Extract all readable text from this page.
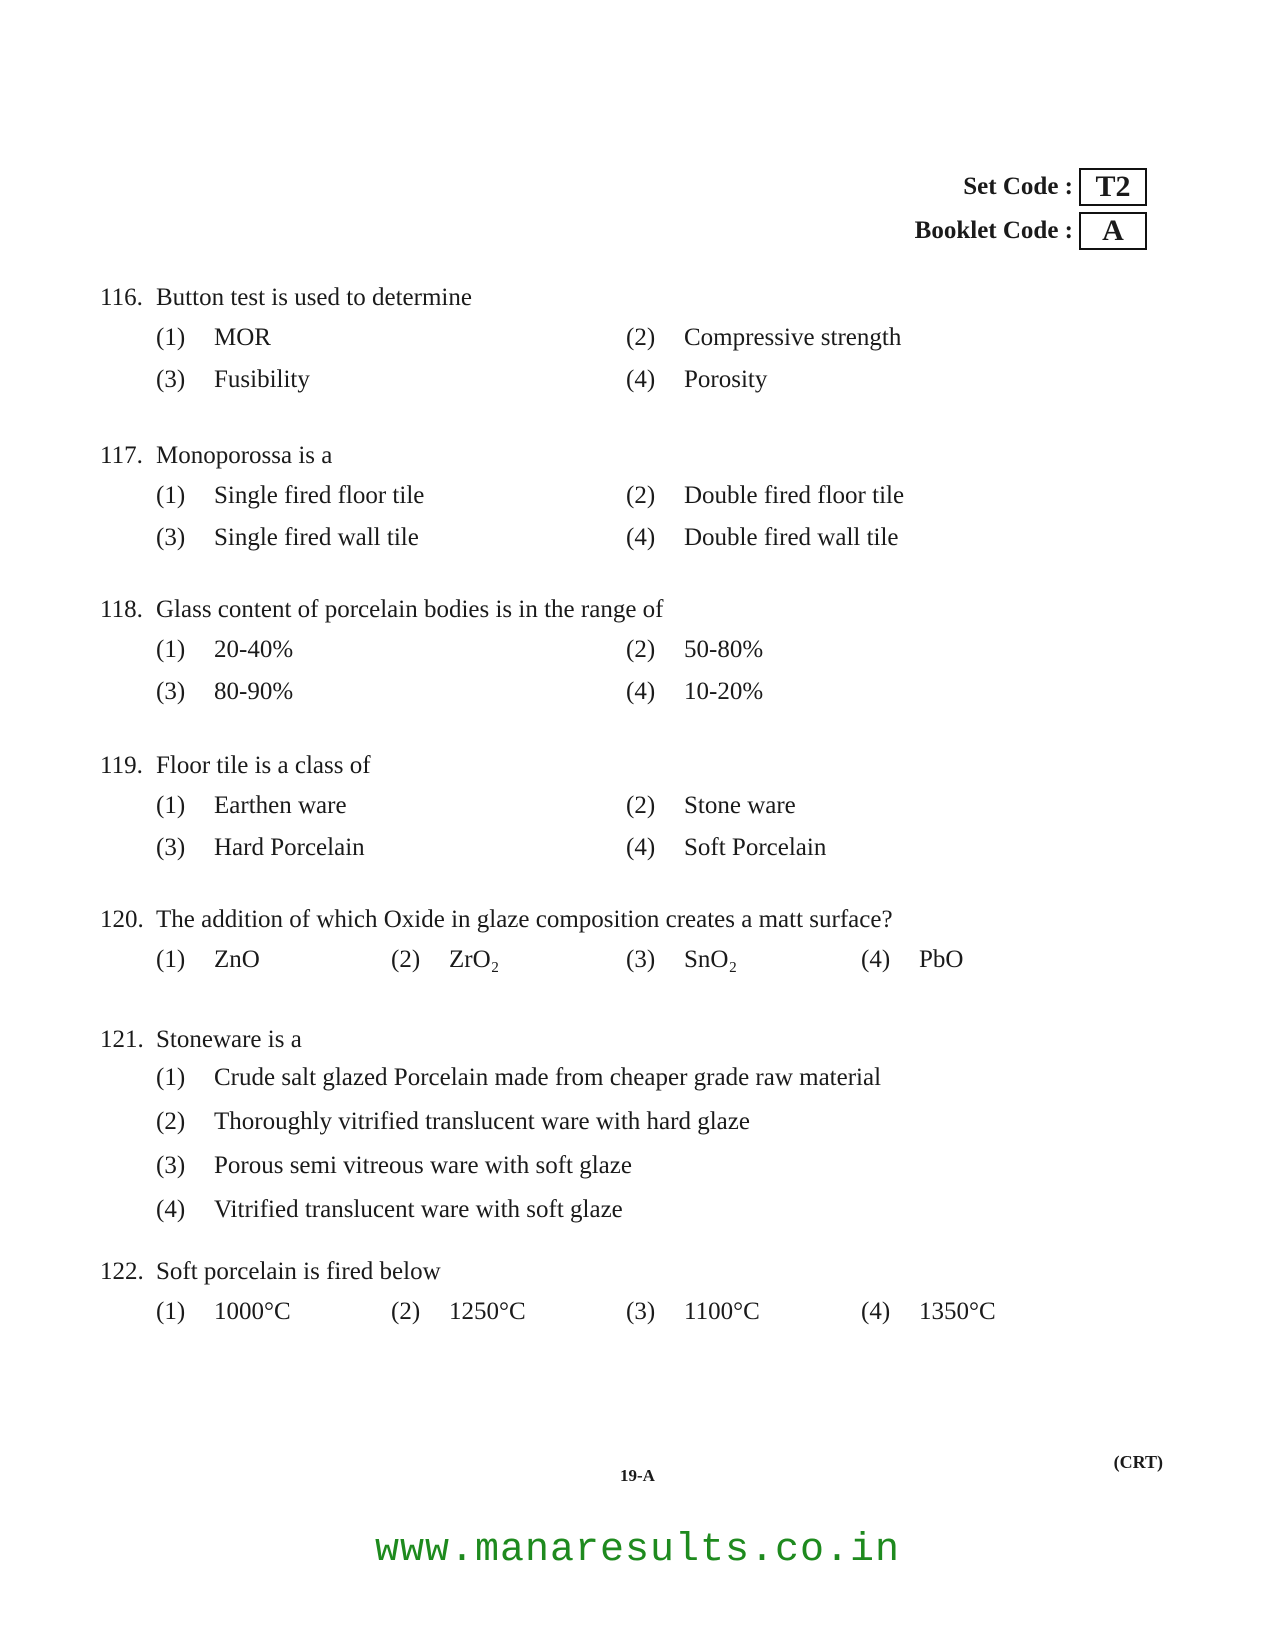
Set Code : T2
Booklet Code : A
116. Button test is used to determine
(1)	MOR	(2)	Compressive strength
(3)	Fusibility	(4)	Porosity
117. Monoporossa is a
(1)	Single fired floor tile	(2)	Double fired floor tile
(3)	Single fired wall tile	(4)	Double fired wall tile
118. Glass content of porcelain bodies is in the range of
(1)	20-40%	(2)	50-80%
(3)	80-90%	(4)	10-20%
119. Floor tile is a class of
(1)	Earthen ware	(2)	Stone ware
(3)	Hard Porcelain	(4)	Soft Porcelain
120. The addition of which Oxide in glaze composition creates a matt surface?
(1)	ZnO	(2)	ZrO₂	(3)	SnO₂	(4)	PbO
121. Stoneware is a
(1)	Crude salt glazed Porcelain made from cheaper grade raw material
(2)	Thoroughly vitrified translucent ware with hard glaze
(3)	Porous semi vitreous ware with soft glaze
(4)	Vitrified translucent ware with soft glaze
122. Soft porcelain is fired below
(1)	1000°C	(2)	1250°C	(3)	1100°C	(4)	1350°C
19-A
(CRT)
www.manaresults.co.in
